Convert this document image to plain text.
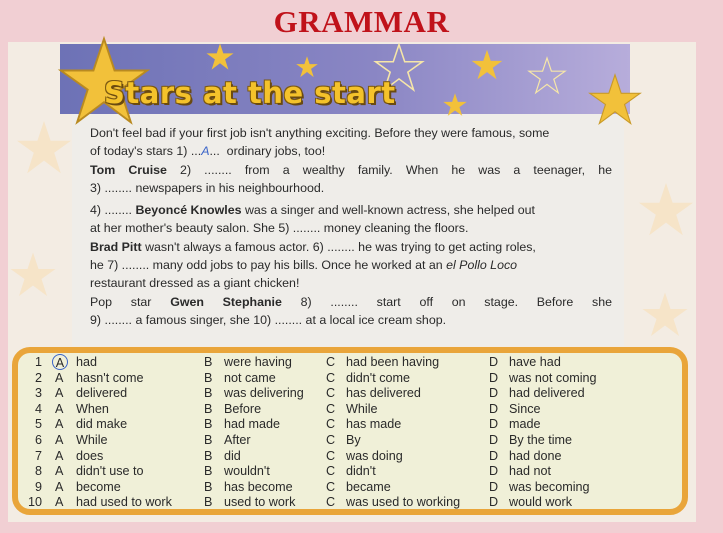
GRAMMAR
Stars at the start
Don't feel bad if your first job isn't anything exciting. Before they were famous, some
of today's stars 1) ...A... ordinary jobs, too!
Tom Cruise 2) ........ from a wealthy family. When he was a teenager, he
3) ........ newspapers in his neighbourhood.
4) ........ Beyoncé Knowles was a singer and well-known actress, she helped out
at her mother's beauty salon. She 5) ........ money cleaning the floors.
Brad Pitt wasn't always a famous actor. 6) ........ he was trying to get acting roles,
he 7) ........ many odd jobs to pay his bills. Once he worked at an el Pollo Loco
restaurant dressed as a giant chicken!
Pop star Gwen Stephanie 8) ........ start off on stage. Before she
9) ........ a famous singer, she 10) ........ at a local ice cream shop.
1	A had	B were having	C had been having	D have had
2 A hasn't come	B not came	C didn't come	D was not coming
3 A delivered	B was delivering C has delivered	D had delivered
4 A When	B Before	C While	D Since
5 A did make	B had made	C has made	D made
6 A While	B After	C By	D By the time
7 A does	B did	C was doing	D had done
8 A didn't use to	B wouldn't	C didn't	D had not
9 A become	B has become	C became	D was becoming
10 A had used to work	B used to work C was used to working D would work
